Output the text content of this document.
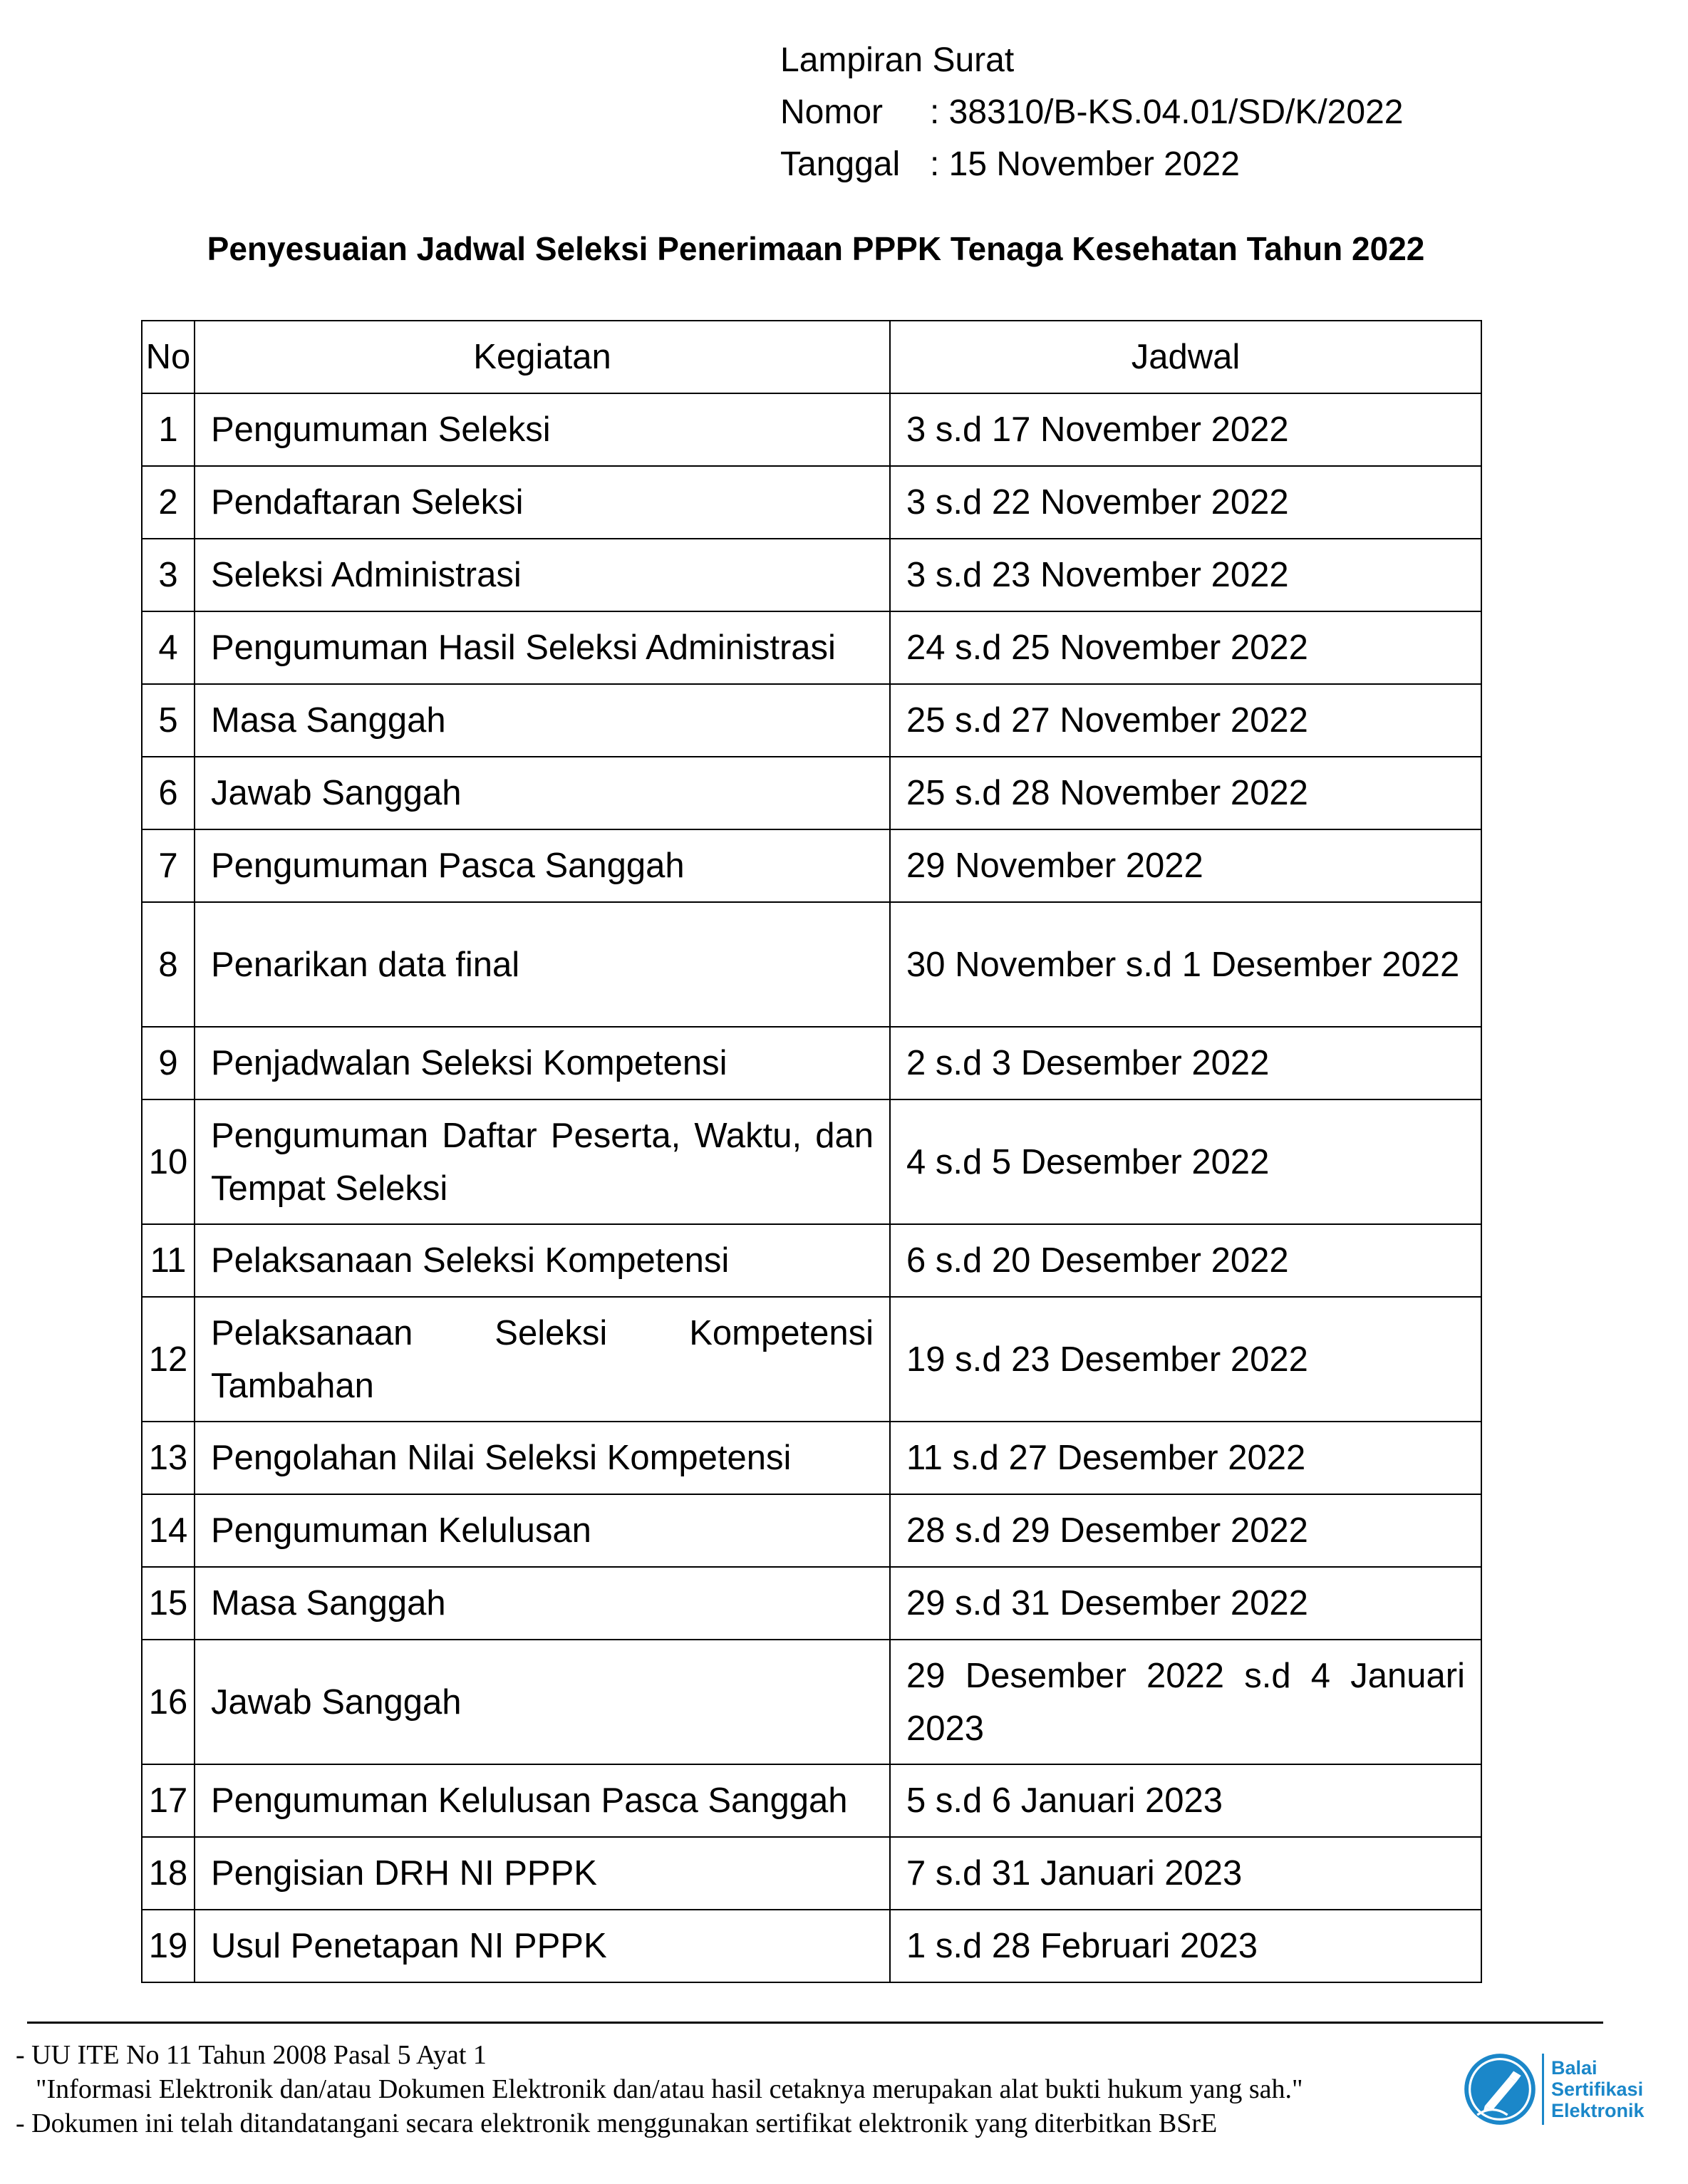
Lampiran Surat
Nomor	: 38310/B-KS.04.01/SD/K/2022
Tanggal : 15 November 2022
Penyesuaian Jadwal Seleksi Penerimaan PPPK Tenaga Kesehatan Tahun 2022
No	Kegiatan	Jadwal
1	Pengumuman Seleksi	3 s.d 17 November 2022
2	Pendaftaran Seleksi	3 s.d 22 November 2022
3	Seleksi Administrasi	3 s.d 23 November 2022
4	Pengumuman Hasil Seleksi Administrasi	24 s.d 25 November 2022
5	Masa Sanggah	25 s.d 27 November 2022
6	Jawab Sanggah	25 s.d 28 November 2022
7	Pengumuman Pasca Sanggah	29 November 2022
8	Penarikan data final	30 November s.d 1 Desember 2022
9	Penjadwalan Seleksi Kompetensi	2 s.d 3 Desember 2022
10	Pengumuman Daftar Peserta, Waktu, dan Tempat Seleksi	4 s.d 5 Desember 2022
11	Pelaksanaan Seleksi Kompetensi	6 s.d 20 Desember 2022
12	Pelaksanaan Seleksi Kompetensi Tambahan	19 s.d 23 Desember 2022
13	Pengolahan Nilai Seleksi Kompetensi	11 s.d 27 Desember 2022
14	Pengumuman Kelulusan	28 s.d 29 Desember 2022
15	Masa Sanggah	29 s.d 31 Desember 2022
16	Jawab Sanggah	29 Desember 2022 s.d 4 Januari 2023
17	Pengumuman Kelulusan Pasca Sanggah	5 s.d 6 Januari 2023
18	Pengisian DRH NI PPPK	7 s.d 31 Januari 2023
19	Usul Penetapan NI PPPK	1 s.d 28 Februari 2023
- UU ITE No 11 Tahun 2008 Pasal 5 Ayat 1
"Informasi Elektronik dan/atau Dokumen Elektronik dan/atau hasil cetaknya merupakan alat bukti hukum yang sah."
- Dokumen ini telah ditandatangani secara elektronik menggunakan sertifikat elektronik yang diterbitkan BSrE
Balai
Sertifikasi
Elektronik
